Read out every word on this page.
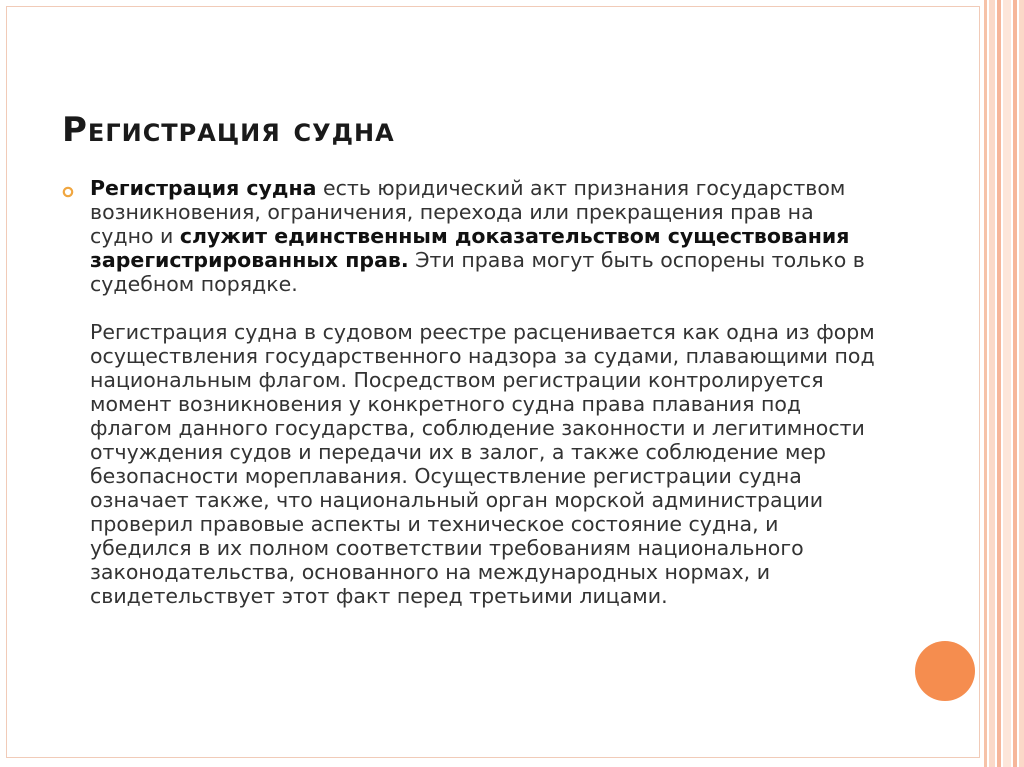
Регистрация судна

Регистрация судна есть юридический акт признания государством возникновения, ограничения, перехода или прекращения прав на судно и служит единственным доказательством существования зарегистрированных прав. Эти права могут быть оспорены только в судебном порядке.

Регистрация судна в судовом реестре расценивается как одна из форм осуществления государственного надзора за судами, плавающими под национальным флагом. Посредством регистрации контролируется момент возникновения у конкретного судна права плавания под флагом данного государства, соблюдение законности и легитимности отчуждения судов и передачи их в залог, а также соблюдение мер безопасности мореплавания. Осуществление регистрации судна означает также, что национальный орган морской администрации проверил правовые аспекты и техническое состояние судна, и убедился в их полном соответствии требованиям национального законодательства, основанного на международных нормах, и свидетельствует этот факт перед третьими лицами.
